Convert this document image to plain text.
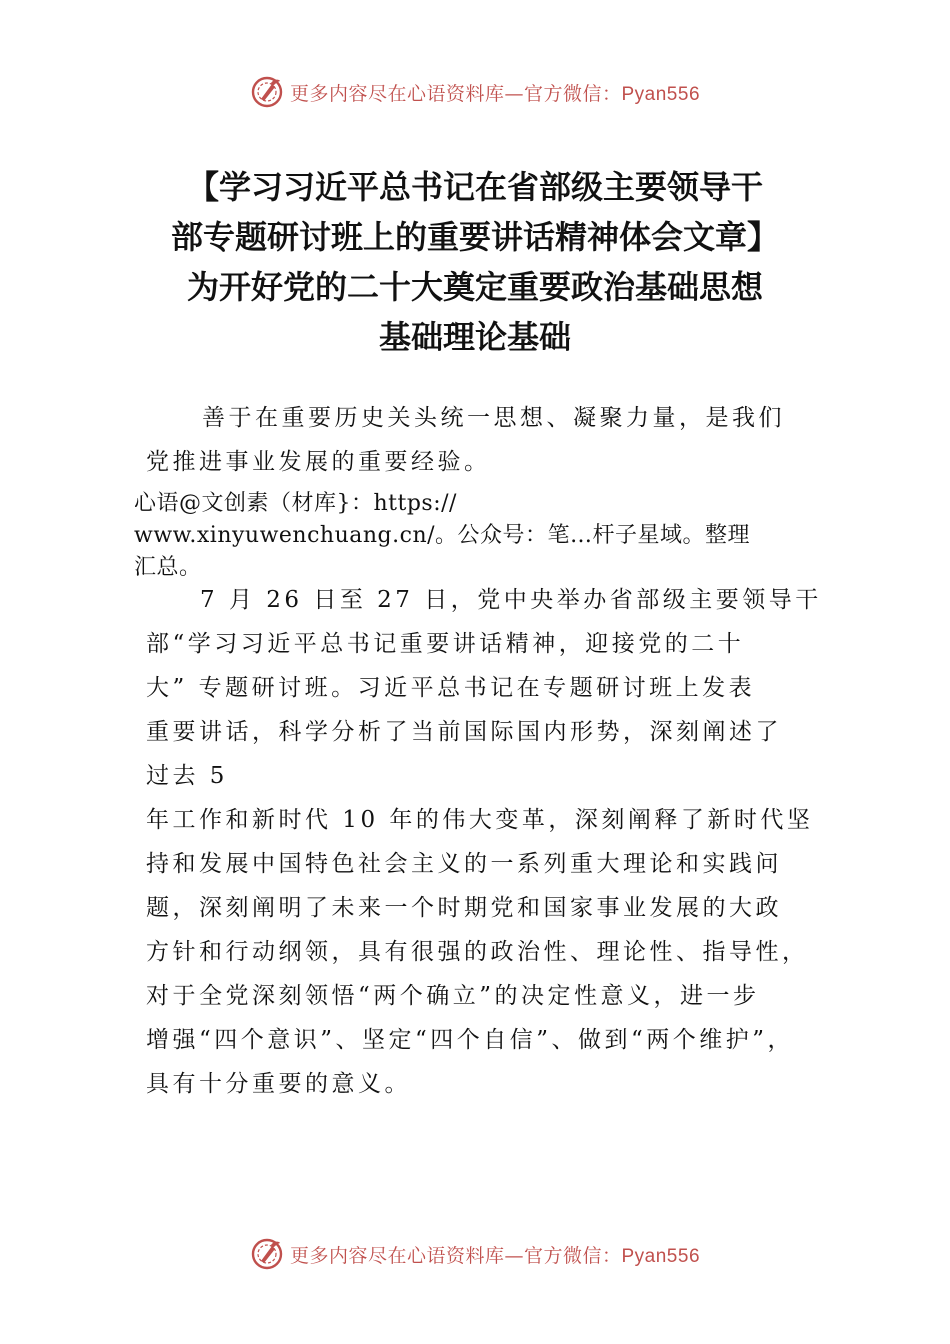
更多内容尽在心语资料库—官方微信：Pyan556
【学习习近平总书记在省部级主要领导干
部专题研讨班上的重要讲话精神体会文章】
为开好党的二十大奠定重要政治基础思想
基础理论基础

善于在重要历史关头统一思想、凝聚力量，是我们
党推进事业发展的重要经验。

心语@文创素（材库}：https://
www.xinyuwenchuang.cn/。公众号：笔…杆子星域。整理
汇总。

7 月 26 日至 27 日，党中央举办省部级主要领导干
部“学习习近平总书记重要讲话精神，迎接党的二十
大” 专题研讨班。习近平总书记在专题研讨班上发表
重要讲话，科学分析了当前国际国内形势，深刻阐述了
过去 5

年工作和新时代 10 年的伟大变革，深刻阐释了新时代坚
持和发展中国特色社会主义的一系列重大理论和实践问
题，深刻阐明了未来一个时期党和国家事业发展的大政
方针和行动纲领，具有很强的政治性、理论性、指导性，
对于全党深刻领悟“两个确立”的决定性意义，进一步
增强“四个意识”、坚定“四个自信”、做到“两个维护”，
具有十分重要的意义。

更多内容尽在心语资料库—官方微信：Pyan556
